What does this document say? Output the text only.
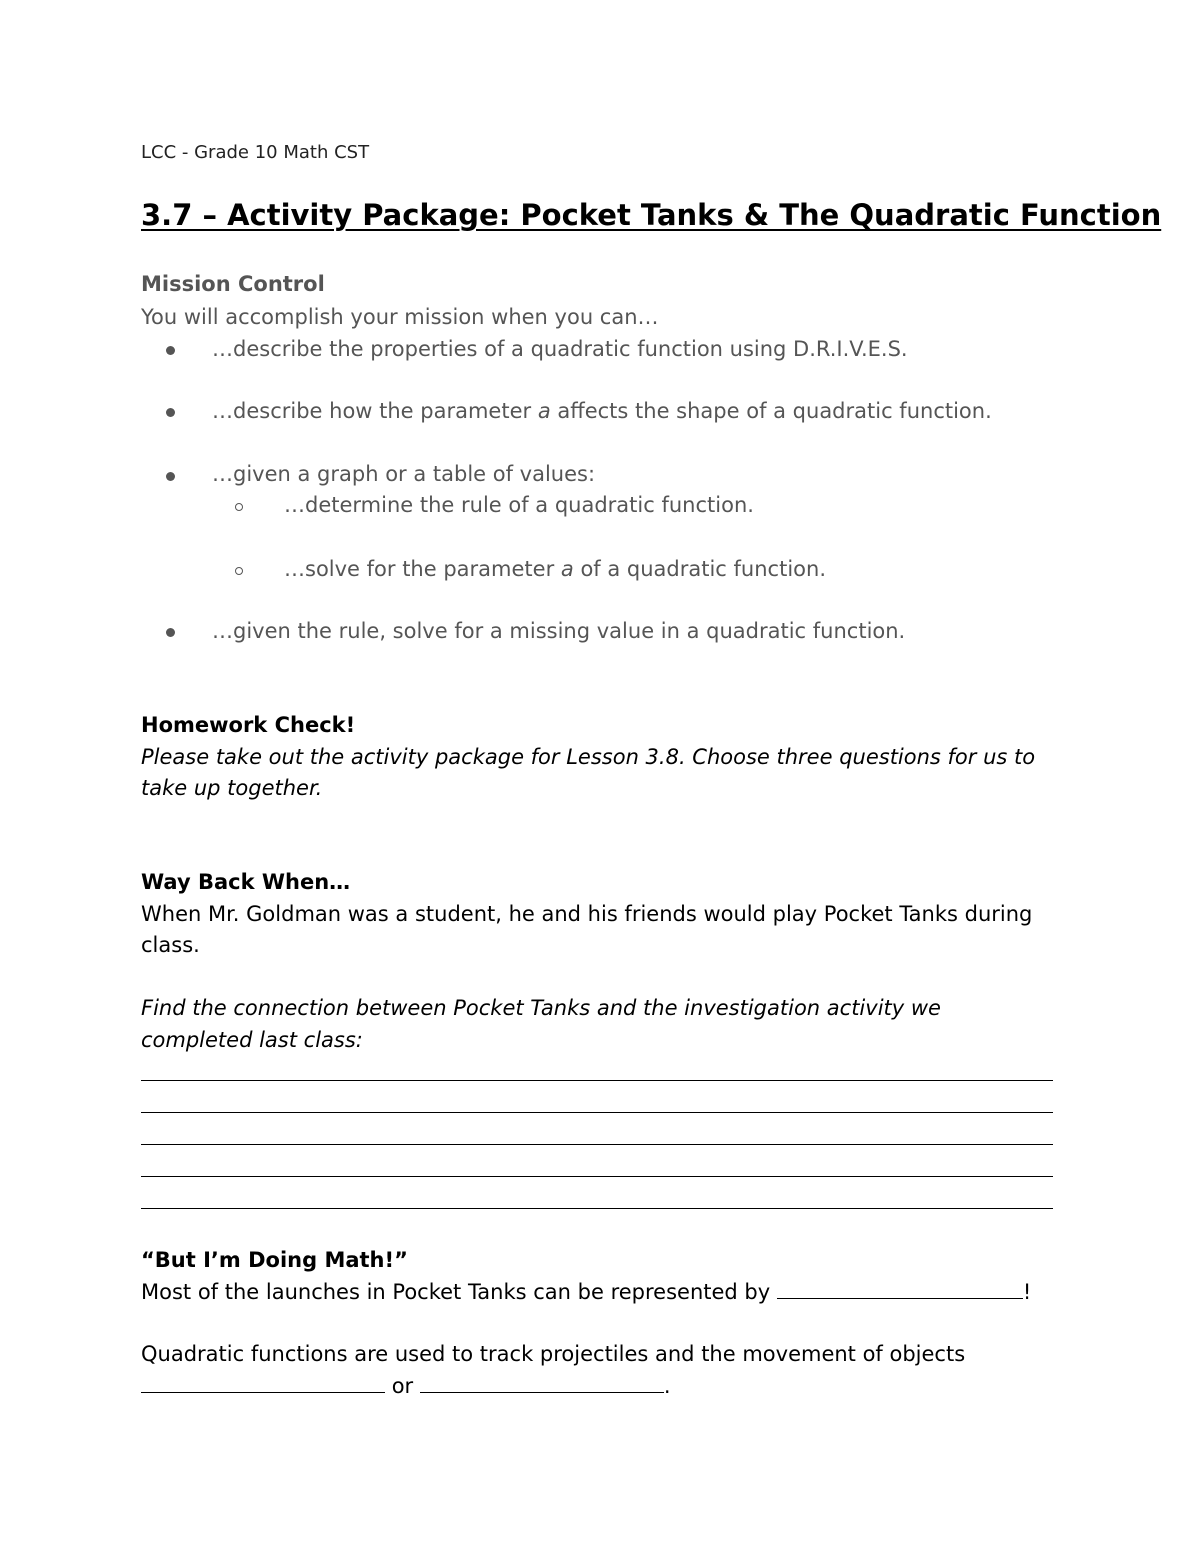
LCC - Grade 10 Math CST
3.7 – Activity Package: Pocket Tanks & The Quadratic Function
Mission Control
You will accomplish your mission when you can…
…describe the properties of a quadratic function using D.R.I.V.E.S.
…describe how the parameter a affects the shape of a quadratic function.
…given a graph or a table of values:
…determine the rule of a quadratic function.
…solve for the parameter a of a quadratic function.
…given the rule, solve for a missing value in a quadratic function.
Homework Check!
Please take out the activity package for Lesson 3.8. Choose three questions for us to
take up together.
Way Back When…
When Mr. Goldman was a student, he and his friends would play Pocket Tanks during
class.
Find the connection between Pocket Tanks and the investigation activity we
completed last class:
“But I’m Doing Math!”
Most of the launches in Pocket Tanks can be represented by	!
Quadratic functions are used to track projectiles and the movement of objects
or	.
